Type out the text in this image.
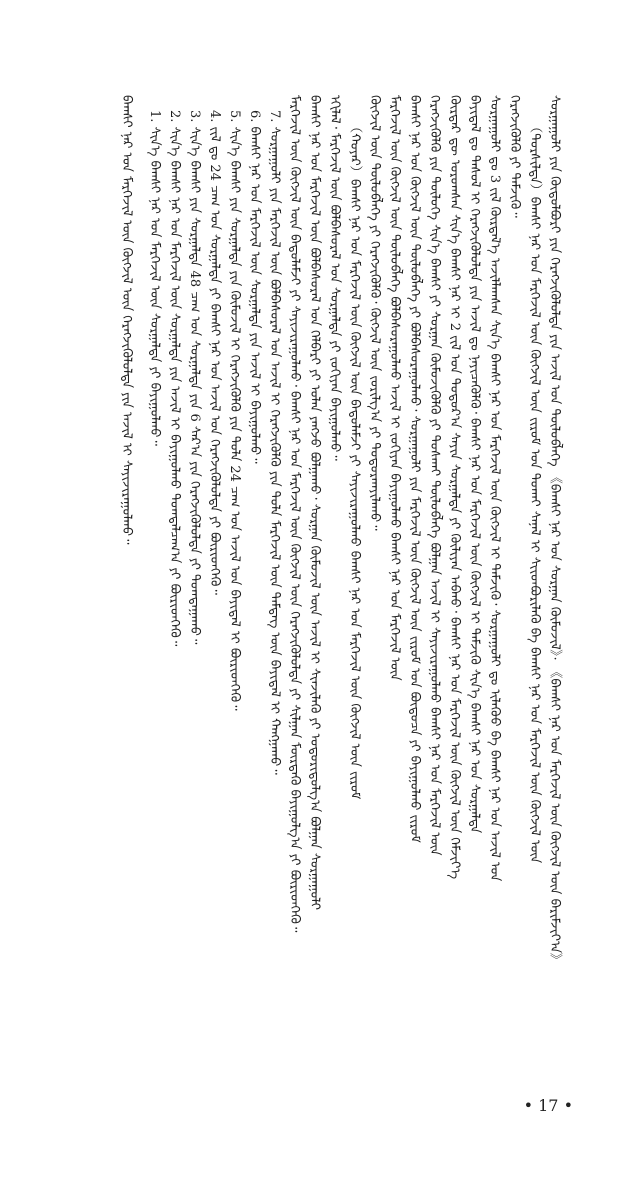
ᠰᠤᠷᠭᠠᠭᠤᠯᠢ ᠶᠢᠨ ᠬᠥᠲᠦᠯᠪᠦᠷᠢ ᠶᠢᠨ ᠬᠡᠷᠡᠭᠵᠢᠭᠦᠯᠦᠯᠲᠡ ᠶᠢᠨ ᠠᠵᠢᠯ ᠤᠨ ᠲᠥᠯᠦᠪᠯᠡᠭᠡ 《ᠪᠠᠭᠰᠢ ᠨᠠᠷ ᠤᠨ ᠰᠤᠷᠭᠠᠨ ᠬᠦᠮᠦᠵᠢᠯ》· 《ᠪᠠᠭᠰᠢ ᠨᠠᠷ ᠤᠨ ᠮᠡᠷᠭᠡᠵᠢᠯ ᠦᠨ ᠬᠥᠭᠵᠢᠯ ᠦᠨ ᠪᠠᠷᠢᠮᠵᠢᠶ᠎ᠠ》
（ᠲᠤᠷᠰᠢᠯᠲᠠ）ᠪᠠᠭᠰᠢ ᠨᠠᠷ ᠤᠨ ᠮᠡᠷᠭᠡᠵᠢᠯ ᠦᠨ ᠬᠥᠭᠵᠢᠯ ᠦᠨ ᠵᠢᠷᠤᠮ ᠤᠨ ᠲᠤᠬᠠᠢ ᠰᠠᠨᠠᠯ ᠢ ᠰᠢᠢᠳᠪᠦᠷᠢᠯᠡᠬᠦ ᠪᠠ ᠪᠠᠭᠰᠢ ᠨᠠᠷ ᠤᠨ ᠮᠡᠷᠭᠡᠵᠢᠯ ᠦᠨ ᠬᠥᠭᠵᠢᠯ ᠦᠨ
ᠬᠡᠷᠡᠭᠵᠢᠭᠦᠯᠬᠦ ᠶᠢ ᠳᠡᠮᠵᠢᠬᠦ᠃
ᠰᠤᠷᠭᠠᠭᠤᠯᠢ ᠳᠤ 3 ᠵᠢᠯ ᠬᠦᠷᠲᠡᠯ᠎ᠡ ᠠᠵᠢᠯᠯᠠᠭᠰᠠᠨ ᠰᠢᠨ᠎ᠡ ᠪᠠᠭᠰᠢ ᠨᠠᠷ ᠤᠨ ᠮᠡᠷᠭᠡᠵᠢᠯ ᠦᠨ ᠬᠥᠭᠵᠢᠯ ᠢ ᠳᠡᠮᠵᠢᠬᠦ᠂ ᠰᠤᠷᠭᠠᠭᠤᠯᠢ ᠳᠤ ᠢᠯᠡᠭᠦᠦ ᠪᠠ ᠪᠠᠭᠰᠢ ᠨᠠᠷ ᠤᠨ ᠠᠵᠢᠯ ᠤᠨ
ᠪᠠᠶᠢᠳᠠᠯ ᠳᠤ ᠳᠠᠰᠤᠯ ᠢ ᠬᠡᠷᠡᠭᠵᠢᠭᠦᠯᠦᠯᠲᠡ ᠶᠢᠨ ᠠᠵᠢᠯ ᠳᠤ ᠨᠡᠶᠢᠴᠡᠭᠦᠯᠬᠦ᠂ ᠪᠠᠭᠰᠢ ᠨᠠᠷ ᠤᠨ ᠮᠡᠷᠭᠡᠵᠢᠯ ᠦᠨ ᠬᠥᠭᠵᠢᠯ ᠢ ᠳᠡᠮᠵᠢᠬᠦ ᠰᠢᠨ᠎ᠡ ᠪᠠᠭᠰᠢ ᠨᠠᠷ ᠤᠨ ᠰᠤᠷᠭᠠᠯᠲᠠ
ᠬᠦᠷᠳᠡᠷ ᠳᠦ ᠣᠷᠣᠭᠰᠠᠨ ᠰᠢᠨ᠎ᠡ ᠪᠠᠭᠰᠢ ᠨᠠᠷ ᠢ 2 ᠵᠢᠯ ᠤᠨ ᠳᠣᠲᠣᠷ᠎ᠠ ᠰᠠᠶᠢᠨ ᠰᠤᠷᠭᠠᠯᠲᠠ ᠶᠢ ᠬᠦᠯᠢᠶᠡᠨ ᠠᠪᠬᠤ᠂ ᠪᠠᠭᠰᠢ ᠨᠠᠷ ᠤᠨ ᠮᠡᠷᠭᠡᠵᠢᠯ ᠦᠨ ᠬᠥᠭᠵᠢᠯ ᠦᠨ ᠬᠡᠮᠵᠢᠶ᠎ᠡ
ᠬᠡᠷᠡᠭᠵᠢᠭᠦᠯᠬᠦ ᠶᠢᠨ ᠲᠥᠯᠦᠭᠡ ᠰᠢᠨ᠎ᠡ ᠪᠠᠭᠰᠢ ᠶᠢ ᠰᠤᠷᠭᠠᠨ ᠬᠦᠮᠦᠵᠢᠭᠦᠯᠬᠦ ᠶᠢ ᠲᠤᠰᠬᠠᠢ ᠲᠥᠯᠦᠪᠯᠡᠭᠡ ᠪᠣᠯᠭᠠᠨ ᠠᠵᠢᠯ ᠢ ᠰᠠᠶᠢᠵᠢᠷᠠᠭᠤᠯᠬᠤ ᠪᠠᠭᠰᠢ ᠨᠠᠷ ᠤᠨ ᠮᠡᠷᠭᠡᠵᠢᠯ ᠦᠨ
ᠪᠠᠭᠰᠢ ᠨᠠᠷ ᠤᠨ ᠬᠥᠭᠵᠢᠯ ᠦᠨ ᠲᠥᠯᠦᠪᠯᠡᠭᠡ ᠶᠢ ᠪᠣᠯᠪᠠᠰᠤᠷᠠᠭᠤᠯᠬᠤ᠂ ᠰᠤᠷᠭᠠᠭᠤᠯᠢ ᠶᠢᠨ ᠮᠡᠷᠭᠡᠵᠢᠯ ᠦᠨ ᠬᠥᠭᠵᠢᠯ ᠦᠨ ᠵᠢᠷᠤᠮ ᠤᠨ ᠪᠦᠲᠦᠴᠡ ᠶᠢ ᠪᠠᠶᠢᠭᠤᠯᠬᠤ ᠵᠢᠷᠤᠮ
ᠮᠡᠷᠭᠡᠵᠢᠯ ᠦᠨ ᠬᠥᠭᠵᠢᠯ ᠦᠨ ᠲᠥᠯᠦᠪᠯᠡᠭᠡ ᠪᠣᠯᠪᠠᠰᠤᠷᠠᠭᠤᠯᠬᠤ ᠠᠵᠢᠯ ᠢ ᠵᠣᠬᠢᠶᠠᠨ ᠪᠠᠶᠢᠭᠤᠯᠬᠤ ᠪᠠᠭᠰᠢ ᠨᠠᠷ ᠤᠨ ᠮᠡᠷᠭᠡᠵᠢᠯ ᠦᠨ
ᠬᠥᠭᠵᠢᠯ ᠦᠨ ᠲᠥᠯᠦᠪᠯᠡᠭᠡ ᠶᠢ ᠬᠡᠷᠡᠭᠵᠢᠭᠦᠯᠬᠦ᠂ ᠬᠥᠭᠵᠢᠯ ᠦᠨ ᠵᠣᠷᠢᠯᠭ᠎ᠠ ᠶᠢ ᠲᠣᠳᠣᠷᠬᠠᠶᠢᠯᠠᠬᠤ᠃
（ᠬᠣᠶᠠᠷ）ᠪᠠᠭᠰᠢ ᠨᠠᠷ ᠤᠨ ᠮᠡᠷᠭᠡᠵᠢᠯ ᠦᠨ ᠬᠥᠭᠵᠢᠯ ᠦᠨ ᠪᠠᠲᠤᠯᠠᠮᠵᠢ ᠶᠢ ᠰᠠᠶᠢᠵᠢᠷᠠᠭᠤᠯᠬᠤ ᠪᠠᠭᠰᠢ ᠨᠠᠷ ᠤᠨ ᠮᠡᠷᠭᠡᠵᠢᠯ ᠦᠨ ᠬᠥᠭᠵᠢᠯ ᠦᠨ ᠵᠢᠷᠤᠮ
ᠡᠬᠢᠯᠡᠯ᠂ ᠮᠡᠷᠭᠡᠵᠢᠯ ᠦᠨ ᠪᠣᠯᠪᠠᠰᠤᠷᠠᠯ ᠤᠨ ᠰᠤᠷᠭᠠᠯᠲᠠ ᠶᠢ ᠵᠣᠬᠢᠶᠠᠨ ᠪᠠᠶᠢᠭᠤᠯᠬᠤ᠃
ᠪᠠᠭᠰᠢ ᠨᠠᠷ ᠤᠨ ᠮᠡᠷᠭᠡᠵᠢᠯ ᠦᠨ ᠪᠣᠯᠪᠠᠰᠤᠷᠠᠯ ᠤᠨ ᠬᠡᠯᠪᠡᠷᠢ ᠶᠢ ᠣᠯᠠᠨ ᠶᠠᠩᠵᠤ ᠪᠣᠯᠭᠠᠬᠤ᠂ ᠰᠤᠷᠭᠠᠨ ᠬᠦᠮᠦᠵᠢᠯ ᠦᠨ ᠠᠵᠢᠯ ᠢ ᠰᠢᠨᠵᠢᠯᠡᠬᠦ ᠶᠢ ᠤᠳᠤᠷᠢᠳᠤᠯᠭ᠎ᠠ ᠪᠣᠯᠭᠠᠨ ᠰᠤᠷᠭᠠᠭᠤᠯᠢ
ᠮᠡᠷᠭᠡᠵᠢᠯ ᠦᠨ ᠬᠥᠭᠵᠢᠯ ᠦᠨ ᠪᠠᠲᠤᠯᠠᠮᠵᠢ ᠶᠢ ᠰᠠᠶᠢᠵᠢᠷᠠᠭᠤᠯᠬᠤ᠂ ᠪᠠᠭᠰᠢ ᠨᠠᠷ ᠤᠨ ᠮᠡᠷᠭᠡᠵᠢᠯ ᠦᠨ ᠬᠥᠭᠵᠢᠯ ᠦᠨ ᠬᠡᠷᠡᠭᠵᠢᠭᠦᠯᠦᠯᠲᠡ ᠶᠢ ᠰᠢᠯᠭᠠᠨ ᠮᠥᠷᠳᠡᠬᠦ ᠪᠠᠶᠢᠭᠤᠯᠭ᠎ᠠ ᠶᠢ ᠪᠦᠷᠢᠳᠬᠡᠬᠦ᠃
7. ᠰᠤᠷᠭᠠᠭᠤᠯᠢ ᠶᠢᠨ ᠮᠡᠷᠭᠡᠵᠢᠯ ᠦᠨ ᠪᠣᠯᠪᠠᠰᠤᠷᠠᠯ ᠤᠨ ᠠᠵᠢᠯ ᠢ ᠬᠡᠷᠡᠭᠵᠢᠭᠦᠯᠬᠦ ᠶᠢᠨ ᠲᠤᠯᠠ ᠮᠡᠷᠭᠡᠵᠢᠯ ᠦᠨ ᠲᠡᠮᠳᠡᠭ ᠦᠨ ᠪᠠᠶᠢᠳᠠᠯ ᠢ ᠬᠠᠩᠭᠠᠬᠤ᠃
6. ᠪᠠᠭᠰᠢ ᠨᠠᠷ ᠤᠨ ᠮᠡᠷᠭᠡᠵᠢᠯ ᠦᠨ ᠰᠤᠷᠭᠠᠯᠲᠠ ᠶᠢᠨ ᠠᠵᠢᠯ ᠢ ᠪᠠᠶᠢᠭᠤᠯᠬᠤ᠃
5. ᠰᠢᠨ᠎ᠡ ᠪᠠᠭᠰᠢ ᠶᠢᠨ ᠰᠤᠷᠭᠠᠯᠲᠠ ᠶᠢᠨ ᠬᠦᠮᠦᠵᠢᠯ ᠢ ᠬᠡᠷᠡᠭᠵᠢᠭᠦᠯᠬᠦ ᠶᠢᠨ ᠲᠤᠯᠠ 24 ᠴᠠᠭ ᠤᠨ ᠠᠵᠢᠯ ᠤᠨ ᠪᠠᠶᠢᠳᠠᠯ ᠢ ᠪᠦᠷᠢᠳᠬᠡᠬᠦ᠃
4. ᠵᠢᠯ ᠳᠤ 24 ᠴᠠᠭ ᠤᠨ ᠰᠤᠷᠭᠠᠯᠲᠠ ᠶᠢ ᠪᠠᠭᠰᠢ ᠨᠠᠷ ᠤᠨ ᠠᠵᠢᠯ ᠤᠨ ᠬᠡᠷᠡᠭᠵᠢᠭᠦᠯᠦᠯᠲᠡ ᠶᠢ ᠪᠦᠷᠢᠳᠬᠡᠬᠦ᠃
3. ᠰᠢᠨ᠎ᠡ ᠪᠠᠭᠰᠢ ᠶᠢᠨ ᠰᠤᠷᠭᠠᠯᠲᠠ 48 ᠴᠠᠭ ᠤᠨ ᠰᠤᠷᠭᠠᠯᠲᠠ ᠶᠢᠨ 6 ᠰᠠᠷ᠎ᠠ ᠶᠢᠨ ᠬᠡᠷᠡᠭᠵᠢᠭᠦᠯᠦᠯᠲᠡ ᠶᠢ ᠲᠣᠭᠲᠠᠭᠠᠬᠤ᠃
2. ᠰᠢᠨ᠎ᠡ ᠪᠠᠭᠰᠢ ᠨᠠᠷ ᠤᠨ ᠮᠡᠷᠭᠡᠵᠢᠯ ᠦᠨ ᠰᠤᠷᠭᠠᠯᠲᠠ ᠶᠢᠨ ᠠᠵᠢᠯ ᠢ ᠪᠠᠶᠢᠭᠤᠯᠬᠤ ᠲᠣᠭᠲᠠᠯᠴᠠᠭ᠎ᠠ ᠶᠢ ᠪᠦᠷᠢᠳᠬᠡᠬᠦ᠃
1. ᠰᠢᠨ᠎ᠡ ᠪᠠᠭᠰᠢ ᠨᠠᠷ ᠤᠨ ᠮᠡᠷᠭᠡᠵᠢᠯ ᠦᠨ ᠰᠤᠷᠭᠠᠯᠲᠠ ᠶᠢ ᠪᠠᠶᠢᠭᠤᠯᠬᠤ᠃
ᠪᠠᠭᠰᠢ ᠨᠠᠷ ᠤᠨ ᠮᠡᠷᠭᠡᠵᠢᠯ ᠦᠨ ᠬᠥᠭᠵᠢᠯ ᠦᠨ ᠬᠡᠷᠡᠭᠵᠢᠭᠦᠯᠦᠯᠲᠡ ᠶᠢᠨ ᠠᠵᠢᠯ ᠢ ᠰᠠᠶᠢᠵᠢᠷᠠᠭᠤᠯᠬᠤ᠃
• 17 •
